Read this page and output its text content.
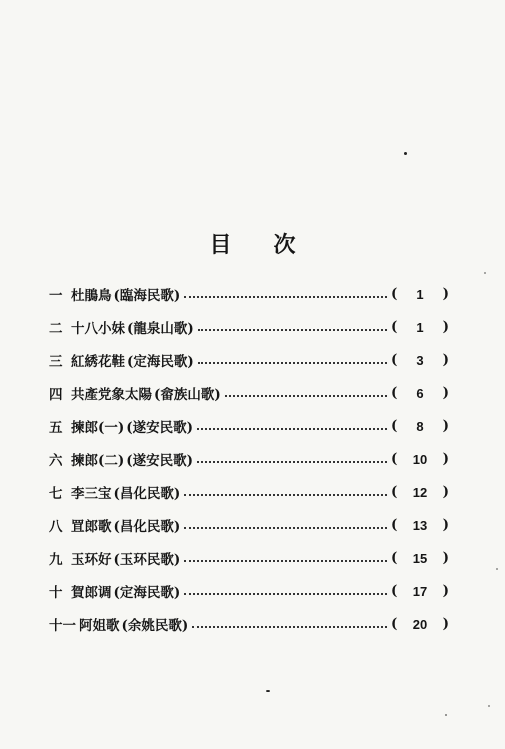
目 次
一 杜鵑鳥 (臨海民歌)	(	1	)
二 十八小妹 (龍泉山歌)	(	1	)
三 紅綉花鞋 (定海民歌)	(	3	)
四 共產党象太陽 (畲族山歌)	(	6	)
五 揀郎(一) (遂安民歌)	(	8	)
六 揀郎(二) (遂安民歌)	(	10	)
七 李三宝 (昌化民歌)	(	12	)
八 罝郎歌 (昌化民歌)	(	13	)
九 玉环好 (玉环民歌)	(	15	)
十 賀郎调 (定海民歌)	(	17	)
十一 阿姐歌 (余姚民歌)	(	20	)
